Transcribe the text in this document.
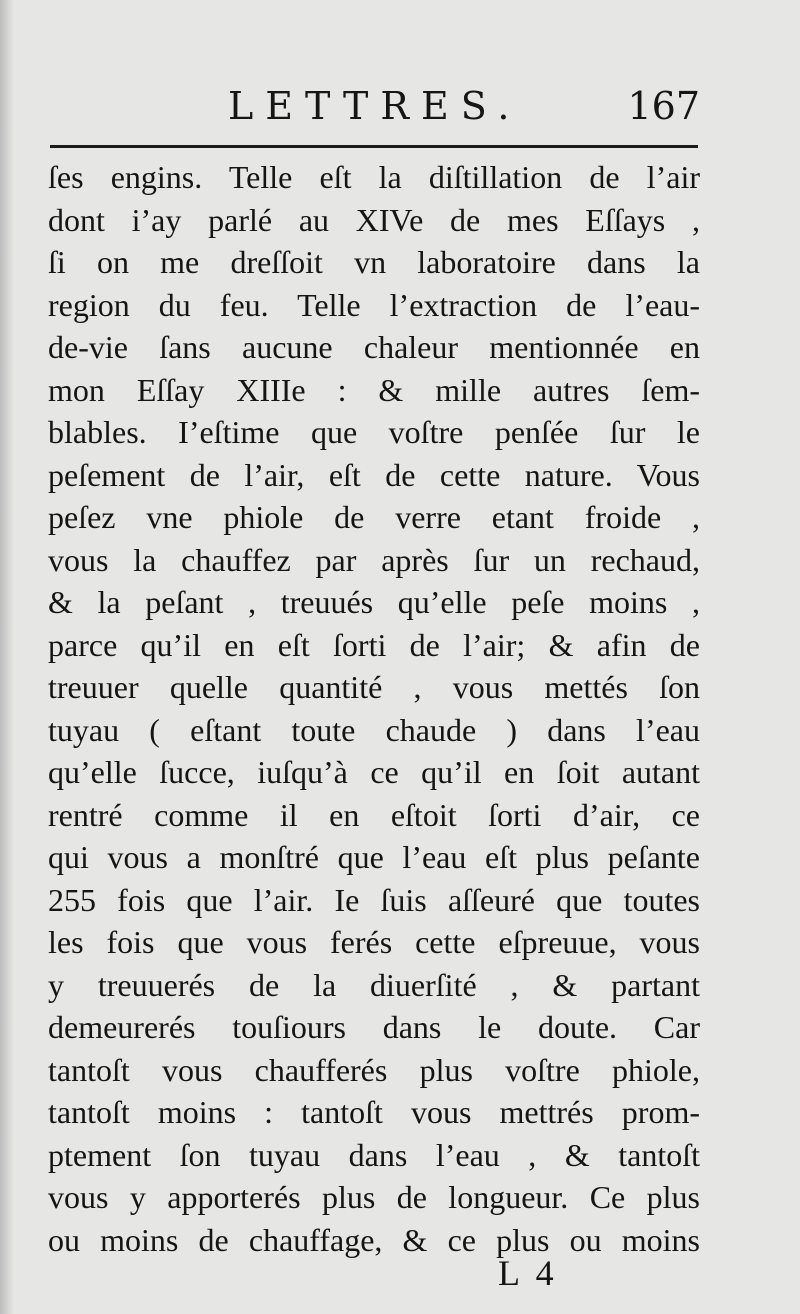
LETTRES.	167
ſes engins. Telle eſt la diſtillation de l’air
dont i’ay parlé au XIVe de mes Eſſays ,
ſi on me dreſſoit vn laboratoire dans la
region du feu. Telle l’extraction de l’eau-
de-vie ſans aucune chaleur mentionnée en
mon Eſſay XIIIe : & mille autres ſem-
blables. I’eſtime que voſtre penſée ſur le
peſement de l’air, eſt de cette nature. Vous
peſez vne phiole de verre etant froide ,
vous la chauffez par après ſur un rechaud,
& la peſant , treuués qu’elle peſe moins ,
parce qu’il en eſt ſorti de l’air; & afin de
treuuer quelle quantité , vous mettés ſon
tuyau ( eſtant toute chaude ) dans l’eau
qu’elle ſucce, iuſqu’à ce qu’il en ſoit autant
rentré comme il en eſtoit ſorti d’air, ce
qui vous a monſtré que l’eau eſt plus peſante
255 fois que l’air. Ie ſuis aſſeuré que toutes
les fois que vous ferés cette eſpreuue, vous
y treuuerés de la diuerſité , & partant
demeurerés touſiours dans le doute. Car
tantoſt vous chaufferés plus voſtre phiole,
tantoſt moins : tantoſt vous mettrés prom-
ptement ſon tuyau dans l’eau , & tantoſt
vous y apporterés plus de longueur. Ce plus
ou moins de chauffage, & ce plus ou moins
L 4
